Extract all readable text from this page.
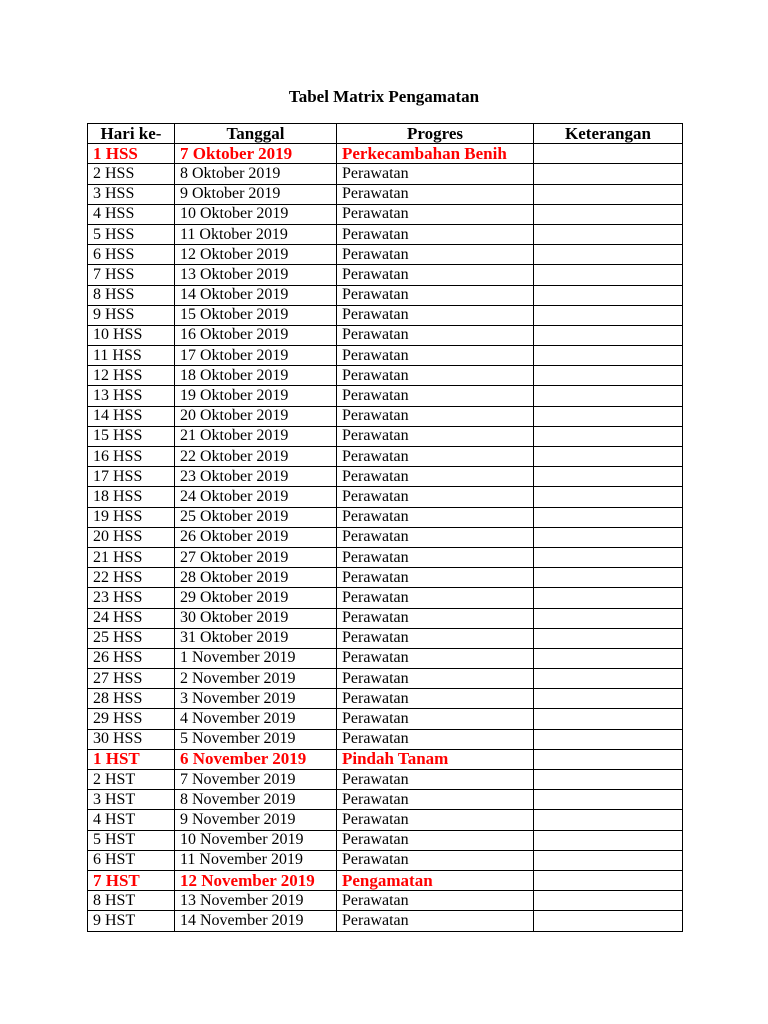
Tabel Matrix Pengamatan
Hari ke-	Tanggal	Progres	Keterangan
1 HSS	7 Oktober 2019	Perkecambahan Benih	
2 HSS	8 Oktober 2019	Perawatan	
3 HSS	9 Oktober 2019	Perawatan	
4 HSS	10 Oktober 2019	Perawatan	
5 HSS	11 Oktober 2019	Perawatan	
6 HSS	12 Oktober 2019	Perawatan	
7 HSS	13 Oktober 2019	Perawatan	
8 HSS	14 Oktober 2019	Perawatan	
9 HSS	15 Oktober 2019	Perawatan	
10 HSS	16 Oktober 2019	Perawatan	
11 HSS	17 Oktober 2019	Perawatan	
12 HSS	18 Oktober 2019	Perawatan	
13 HSS	19 Oktober 2019	Perawatan	
14 HSS	20 Oktober 2019	Perawatan	
15 HSS	21 Oktober 2019	Perawatan	
16 HSS	22 Oktober 2019	Perawatan	
17 HSS	23 Oktober 2019	Perawatan	
18 HSS	24 Oktober 2019	Perawatan	
19 HSS	25 Oktober 2019	Perawatan	
20 HSS	26 Oktober 2019	Perawatan	
21 HSS	27 Oktober 2019	Perawatan	
22 HSS	28 Oktober 2019	Perawatan	
23 HSS	29 Oktober 2019	Perawatan	
24 HSS	30 Oktober 2019	Perawatan	
25 HSS	31 Oktober 2019	Perawatan	
26 HSS	1 November 2019	Perawatan	
27 HSS	2 November 2019	Perawatan	
28 HSS	3 November 2019	Perawatan	
29 HSS	4 November 2019	Perawatan	
30 HSS	5 November 2019	Perawatan	
1 HST	6 November 2019	Pindah Tanam	
2 HST	7 November 2019	Perawatan	
3 HST	8 November 2019	Perawatan	
4 HST	9 November 2019	Perawatan	
5 HST	10 November 2019	Perawatan	
6 HST	11 November 2019	Perawatan	
7 HST	12 November 2019	Pengamatan	
8 HST	13 November 2019	Perawatan	
9 HST	14 November 2019	Perawatan	
